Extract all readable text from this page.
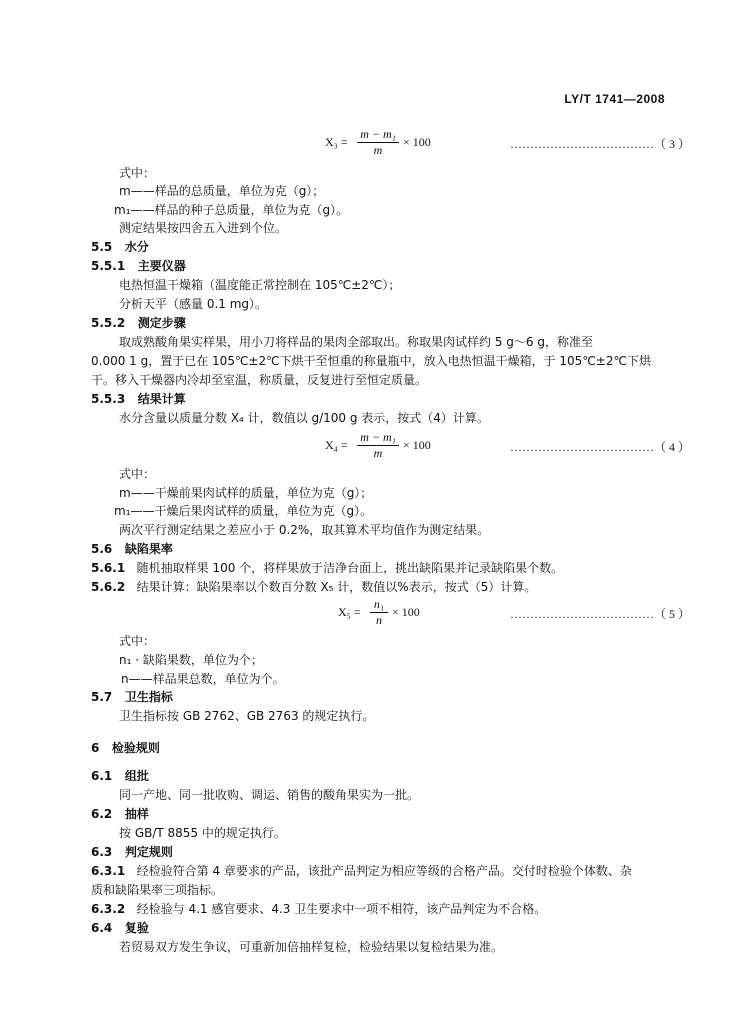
LY/T 1741—2008
X₃ =
m − m₁
m
× 100	………………………………（ 3 ）
式中：
m——样品的总质量，单位为克（g）；
m₁——样品的种子总质量，单位为克（g）。
测定结果按四舍五入进到个位。
5.5 水分
5.5.1 主要仪器
电热恒温干燥箱（温度能正常控制在 105℃±2℃）；
分析天平（感量 0.1 mg）。
5.5.2 测定步骤
取成熟酸角果实样果，用小刀将样品的果肉全部取出。称取果肉试样约 5 g～6 g，称准至
0.000 1 g，置于已在 105℃±2℃下烘干至恒重的称量瓶中，放入电热恒温干燥箱，于 105℃±2℃下烘
干。移入干燥器内冷却至室温，称质量，反复进行至恒定质量。
5.5.3 结果计算
水分含量以质量分数 X₄ 计，数值以 g/100 g 表示，按式（4）计算。
X₄ =
m − m₁
m
× 100	………………………………（ 4 ）
式中：
m——干燥前果肉试样的质量，单位为克（g）；
m₁——干燥后果肉试样的质量，单位为克（g）。
两次平行测定结果之差应小于 0.2%，取其算术平均值作为测定结果。
5.6 缺陷果率
5.6.1 随机抽取样果 100 个，将样果放于洁净台面上，挑出缺陷果并记录缺陷果个数。
5.6.2 结果计算：缺陷果率以个数百分数 X₅ 计，数值以%表示，按式（5）计算。
X₅ =
n₁
n
× 100	………………………………（ 5 ）
式中：
n₁ · 缺陷果数，单位为个；
n——样品果总数，单位为个。
5.7 卫生指标
卫生指标按 GB 2762、GB 2763 的规定执行。
6 检验规则
6.1 组批
同一产地、同一批收购、调运、销售的酸角果实为一批。
6.2 抽样
按 GB/T 8855 中的规定执行。
6.3 判定规则
6.3.1 经检验符合第 4 章要求的产品，该批产品判定为相应等级的合格产品。交付时检验个体数、杂
质和缺陷果率三项指标。
6.3.2 经检验与 4.1 感官要求、4.3 卫生要求中一项不相符，该产品判定为不合格。
6.4 复验
若贸易双方发生争议，可重新加倍抽样复检，检验结果以复检结果为准。
